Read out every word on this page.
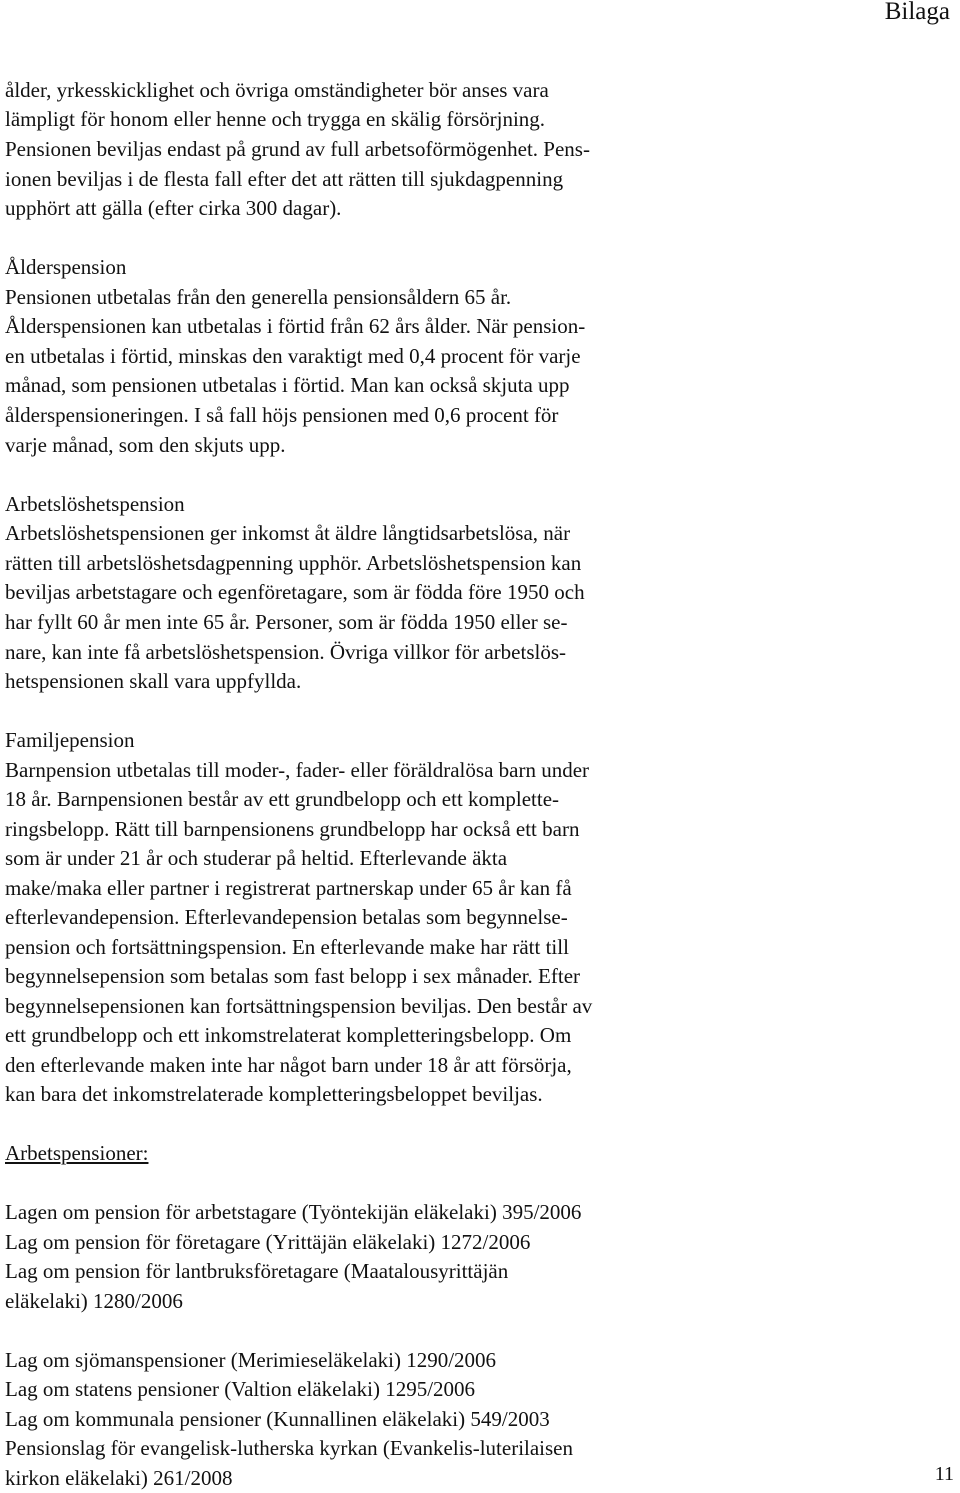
Bilaga
ålder, yrkesskicklighet och övriga omständigheter bör anses vara
lämpligt för honom eller henne och trygga en skälig försörjning.
Pensionen beviljas endast på grund av full arbetsoförmögenhet. Pens-
ionen beviljas i de flesta fall efter det att rätten till sjukdagpenning
upphört att gälla (efter cirka 300 dagar).
Ålderspension
Pensionen utbetalas från den generella pensionsåldern 65 år.
Ålderspensionen kan utbetalas i förtid från 62 års ålder. När pension-
en utbetalas i förtid, minskas den varaktigt med 0,4 procent för varje
månad, som pensionen utbetalas i förtid. Man kan också skjuta upp
ålderspensioneringen. I så fall höjs pensionen med 0,6 procent för
varje månad, som den skjuts upp.
Arbetslöshetspension
Arbetslöshetspensionen ger inkomst åt äldre långtidsarbetslösa, när
rätten till arbetslöshetsdagpenning upphör. Arbetslöshetspension kan
beviljas arbetstagare och egenföretagare, som är födda före 1950 och
har fyllt 60 år men inte 65 år. Personer, som är födda 1950 eller se-
nare, kan inte få arbetslöshetspension. Övriga villkor för arbetslös-
hetspensionen skall vara uppfyllda.
Familjepension
Barnpension utbetalas till moder-, fader- eller föräldralösa barn under
18 år. Barnpensionen består av ett grundbelopp och ett komplette-
ringsbelopp. Rätt till barnpensionens grundbelopp har också ett barn
som är under 21 år och studerar på heltid. Efterlevande äkta
make/maka eller partner i registrerat partnerskap under 65 år kan få
efterlevandepension. Efterlevandepension betalas som begynnelse-
pension och fortsättningspension. En efterlevande make har rätt till
begynnelsepension som betalas som fast belopp i sex månader. Efter
begynnelsepensionen kan fortsättningspension beviljas. Den består av
ett grundbelopp och ett inkomstrelaterat kompletteringsbelopp. Om
den efterlevande maken inte har något barn under 18 år att försörja,
kan bara det inkomstrelaterade kompletteringsbeloppet beviljas.
Arbetspensioner:
Lagen om pension för arbetstagare (Työntekijän eläkelaki) 395/2006
Lag om pension för företagare (Yrittäjän eläkelaki) 1272/2006
Lag om pension för lantbruksföretagare (Maatalousyrittäjän
eläkelaki) 1280/2006
Lag om sjömanspensioner (Merimieseläkelaki) 1290/2006
Lag om statens pensioner (Valtion eläkelaki) 1295/2006
Lag om kommunala pensioner (Kunnallinen eläkelaki) 549/2003
Pensionslag för evangelisk-lutherska kyrkan (Evankelis-luterilaisen
kirkon eläkelaki) 261/2008	11
